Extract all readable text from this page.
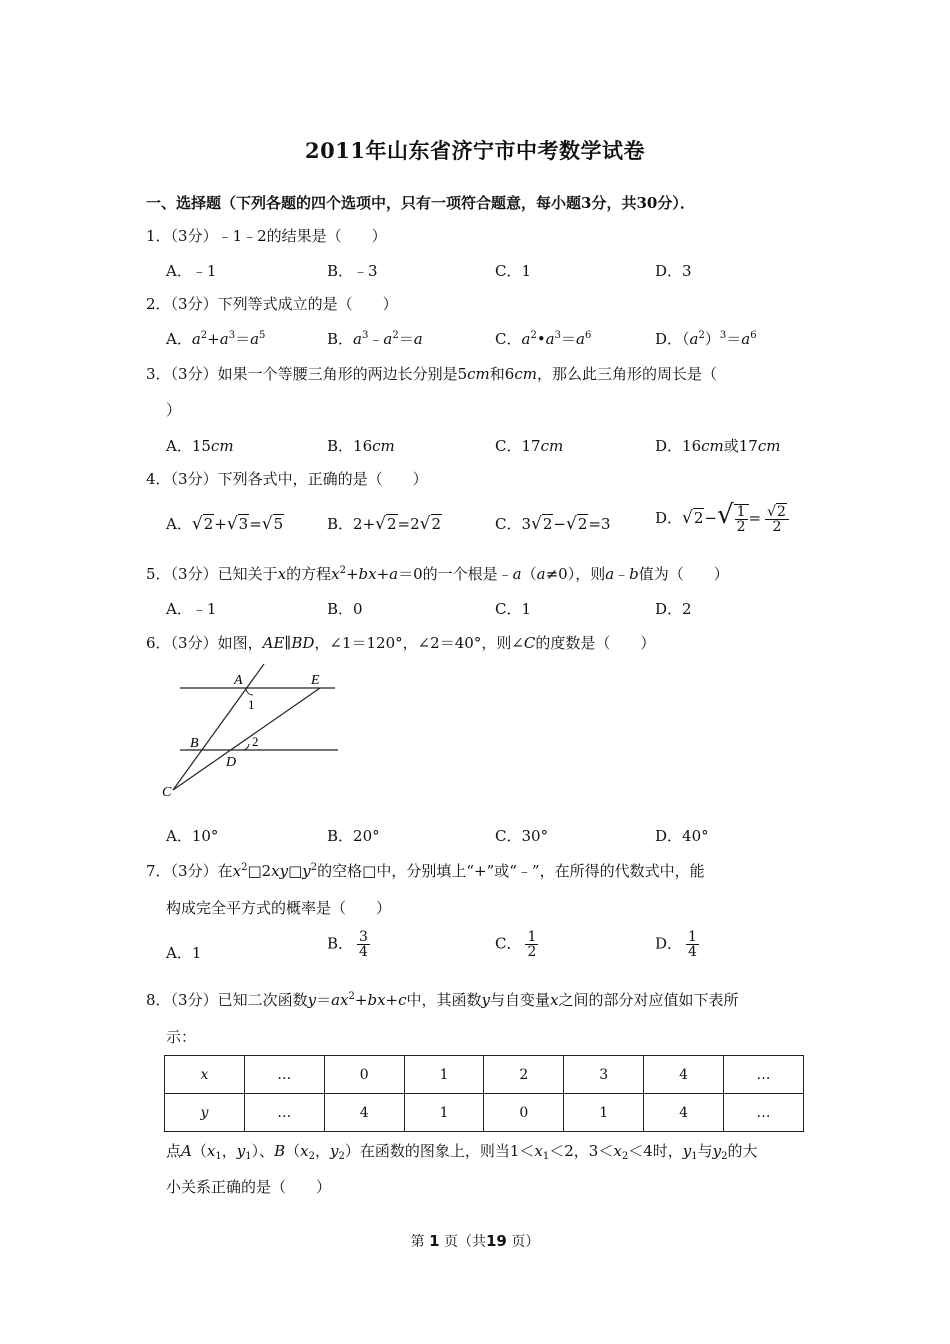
2011年山东省济宁市中考数学试卷
一、选择题（下列各题的四个选项中，只有一项符合题意，每小题3分，共30分）．
1．（3分）﹣1﹣2的结果是（　　）
A．﹣1	B．﹣3	C．1	D．3
2．（3分）下列等式成立的是（　　）
A．$a^2+a^3=a^5$	B．$a^3﹣a^2=a$	C．$a^2•a^3=a^6$	D．$(a^2)^3=a^6$
3．（3分）如果一个等腰三角形的两边长分别是5cm和6cm，那么此三角形的周长是（
）
A．15cm	B．16cm	C．17cm	D．16cm或17cm
4．（3分）下列各式中，正确的是（　　）
A．√2+√3=√5	B．2+√2=2√2	C．3√2−√2=3	D．$√2-√ \frac{1}{2} = \frac{√2}{2}$
5．（3分）已知关于x的方程$x^2+bx+a=0$的一个根是﹣a（a≠0），则a﹣b值为（　　）
A．﹣1	B．0	C．1	D．2
6．（3分）如图，AE∥BD，∠1＝120°，∠2＝40°，则∠C的度数是（　　）
A	E
1
B	2
D
C
A．10°	B．20°	C．30°	D．40°
7．（3分）在$x^2□2xy□y^2$的空格□中，分别填上“+”或“﹣”，在所得的代数式中，能
构成完全平方式的概率是（　　）
A．1
B． $\frac{3}{4}$	C． $\frac{1}{2}$	D． $\frac{1}{4}$
8．（3分）已知二次函数$y=ax^2+bx+c$中，其函数y与自变量x之间的部分对应值如下表所
示：
x	…	0	1	2	3	4	…
y	…	4	1	0	1	4	…
点$A(x_1$，$y_1$）、$B(x_2$，$y_2$）在函数的图象上，则当$1<x_1<2$，$3<x_2<4$时，$y_1$与$y_2$的大
小关系正确的是（　　）
第 1 页（共19 页）
